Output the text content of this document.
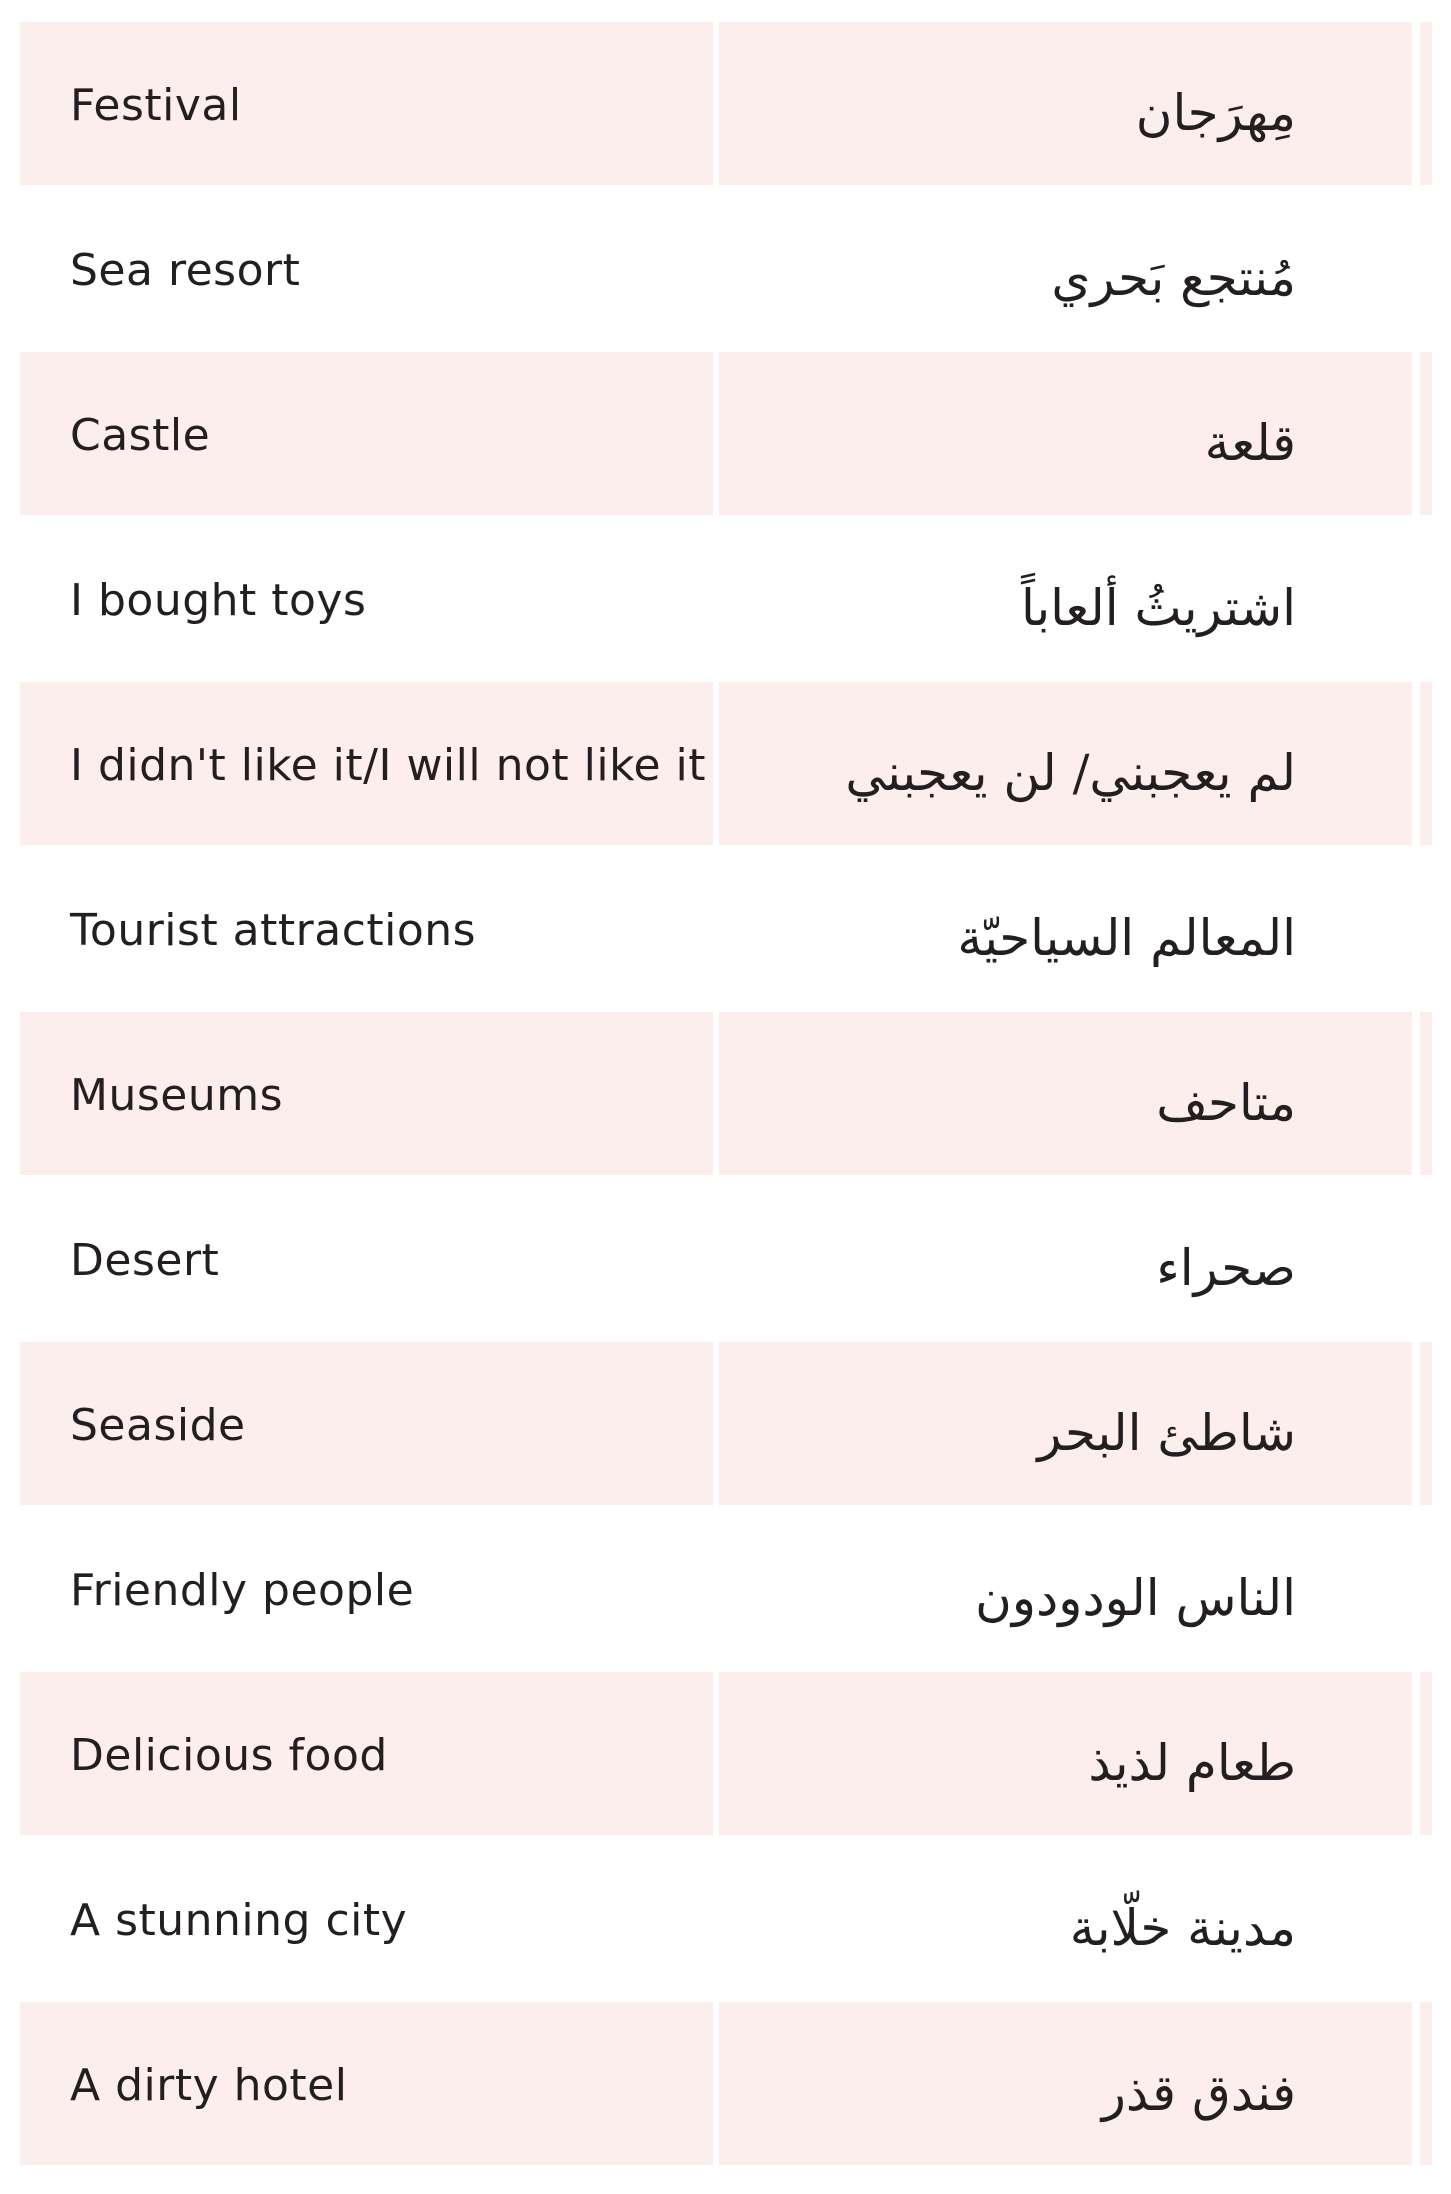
Festival	مِهرَجان
Sea resort	مُنتجع بَحري
Castle	قلعة
I bought toys	اشتريثُ ألعاباً
I didn't like it/I will not like it	لم يعجبني/ لن يعجبني
Tourist attractions	المعالم السياحيّة
Museums	متاحف
Desert	صحراء
Seaside	شاطئ البحر
Friendly people	الناس الودودون
Delicious food	طعام لذيذ
A stunning city	مدينة خلّابة
A dirty hotel	فندق قذر
